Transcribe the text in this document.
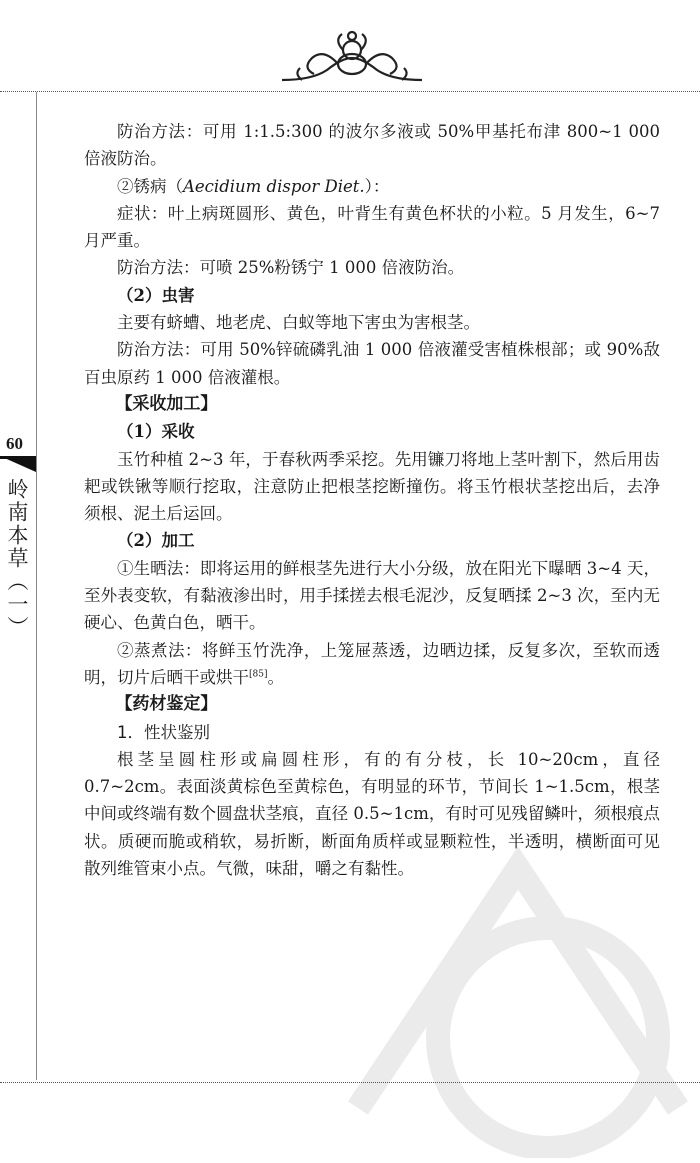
60
岭南本草（一）

防治方法：可用 1:1.5:300 的波尔多液或 50%甲基托布津 800~1 000 倍液防治。

②锈病（Aecidium dispor Diet.）：

症状：叶上病斑圆形、黄色，叶背生有黄色杯状的小粒。5 月发生，6~7 月严重。

防治方法：可喷 25%粉锈宁 1 000 倍液防治。

（2）虫害

主要有蛴螬、地老虎、白蚁等地下害虫为害根茎。

防治方法：可用 50%锌硫磷乳油 1 000 倍液灌受害植株根部；或 90%敌百虫原药 1 000 倍液灌根。

【采收加工】

（1）采收

玉竹种植 2~3 年，于春秋两季采挖。先用镰刀将地上茎叶割下，然后用齿耙或铁锹等顺行挖取，注意防止把根茎挖断撞伤。将玉竹根状茎挖出后，去净须根、泥土后运回。

（2）加工

①生晒法：即将运用的鲜根茎先进行大小分级，放在阳光下曝晒 3~4 天，至外表变软，有黏液渗出时，用手揉搓去根毛泥沙，反复晒揉 2~3 次，至内无硬心、色黄白色，晒干。

②蒸煮法：将鲜玉竹洗净，上笼屉蒸透，边晒边揉，反复多次，至软而透明，切片后晒干或烘干[85]。

【药材鉴定】

1．性状鉴别

根茎呈圆柱形或扁圆柱形，有的有分枝，长 10~20cm，直径 0.7~2cm。表面淡黄棕色至黄棕色，有明显的环节，节间长 1~1.5cm，根茎中间或终端有数个圆盘状茎痕，直径 0.5~1cm，有时可见残留鳞叶，须根痕点状。质硬而脆或稍软，易折断，断面角质样或显颗粒性，半透明，横断面可见散列维管束小点。气微，味甜，嚼之有黏性。
